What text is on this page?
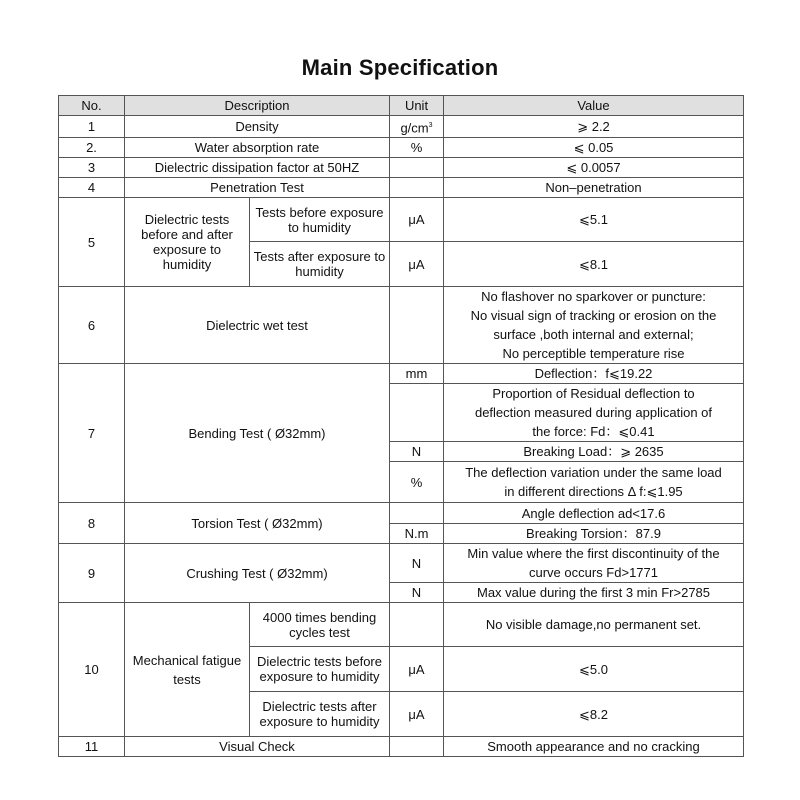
Main Specification
No.	Description		Unit	Value
1	Density		$g/cm^3$	⩾ 2.2
2.	Water absorption rate		%	⩽ 0.05
3	Dielectric dissipation factor at 50HZ			⩽ 0.0057
4	Penetration Test			Non–penetration
5	Dielectric tests before and after exposure to humidity	Tests before exposure to humidity	μA	⩽5.1
		Tests after exposure to humidity	μA	⩽8.1
6	Dielectric wet test			No flashover no sparkover or puncture:
No visual sign of tracking or erosion on the
surface ,both internal and external;
No perceptible temperature rise

7	Bending Test ( Ø32mm)		mm	Deflection：f⩽19.22

				Proportion of Residual deflection to
deflection measured during application of
the force: Fd：⩽0.41

			N	Breaking Load：⩾ 2635
			%	The deflection variation under the same load
in different directions Δ f:⩽1.95

8	Torsion Test ( Ø32mm)			Angle deflection ad<17.6
			N.m	Breaking Torsion：87.9
9	Crushing Test ( Ø32mm)		N	Min value where the first discontinuity of the
curve occurs Fd>1771

			N	Max value during the first 3 min Fr>2785
10	Mechanical fatigue tests	4000 times bending cycles test		No visible damage,no permanent set.
		Dielectric tests before exposure to humidity	μA	⩽5.0
		Dielectric tests after exposure to humidity	μA	⩽8.2
11	Visual Check			Smooth appearance and no cracking
